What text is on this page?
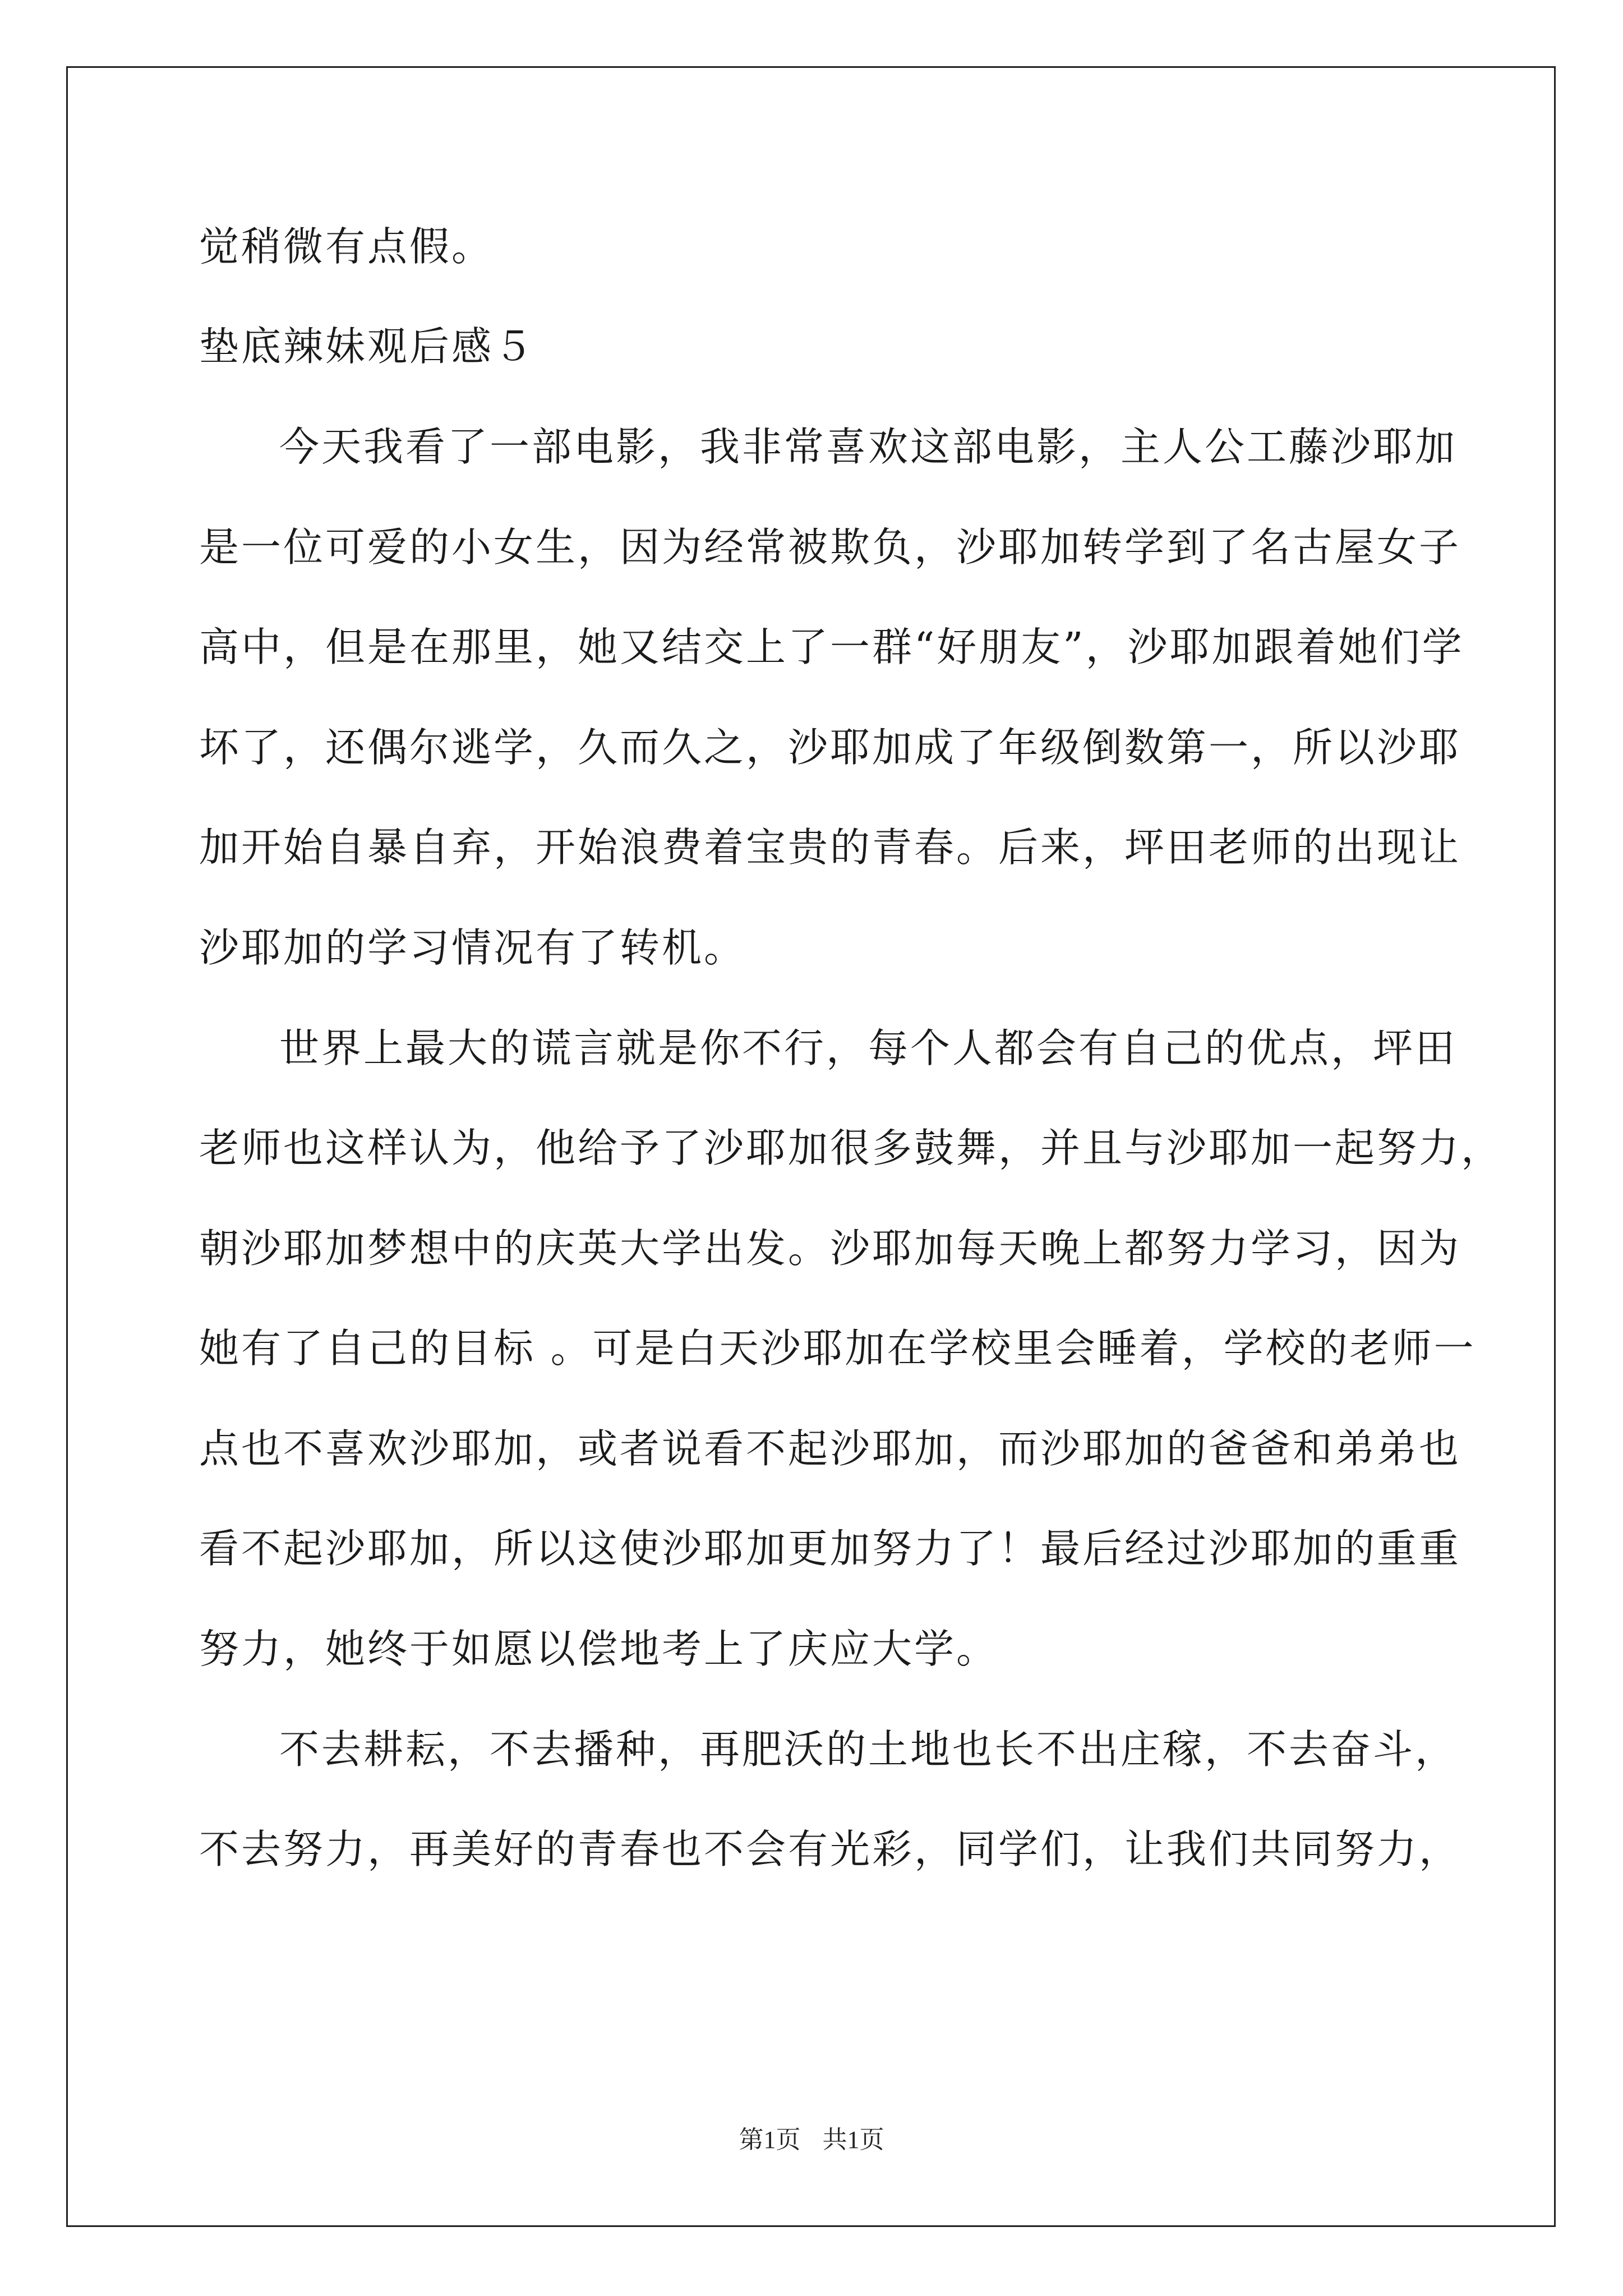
觉稍微有点假。
垫底辣妹观后感５
今天我看了一部电影，我非常喜欢这部电影，主人公工藤沙耶加
是一位可爱的小女生，因为经常被欺负，沙耶加转学到了名古屋女子
高中，但是在那里，她又结交上了一群“好朋友”，沙耶加跟着她们学
坏了，还偶尔逃学，久而久之，沙耶加成了年级倒数第一，所以沙耶
加开始自暴自弃，开始浪费着宝贵的青春。后来，坪田老师的出现让
沙耶加的学习情况有了转机。
世界上最大的谎言就是你不行，每个人都会有自己的优点，坪田
老师也这样认为，他给予了沙耶加很多鼓舞，并且与沙耶加一起努力，
朝沙耶加梦想中的庆英大学出发。沙耶加每天晚上都努力学习，因为
她有了自己的目标 。可是白天沙耶加在学校里会睡着，学校的老师一
点也不喜欢沙耶加，或者说看不起沙耶加，而沙耶加的爸爸和弟弟也
看不起沙耶加，所以这使沙耶加更加努力了！最后经过沙耶加的重重
努力，她终于如愿以偿地考上了庆应大学。
不去耕耘，不去播种，再肥沃的土地也长不出庄稼，不去奋斗，
不去努力，再美好的青春也不会有光彩，同学们，让我们共同努力，
第1页 共1页
